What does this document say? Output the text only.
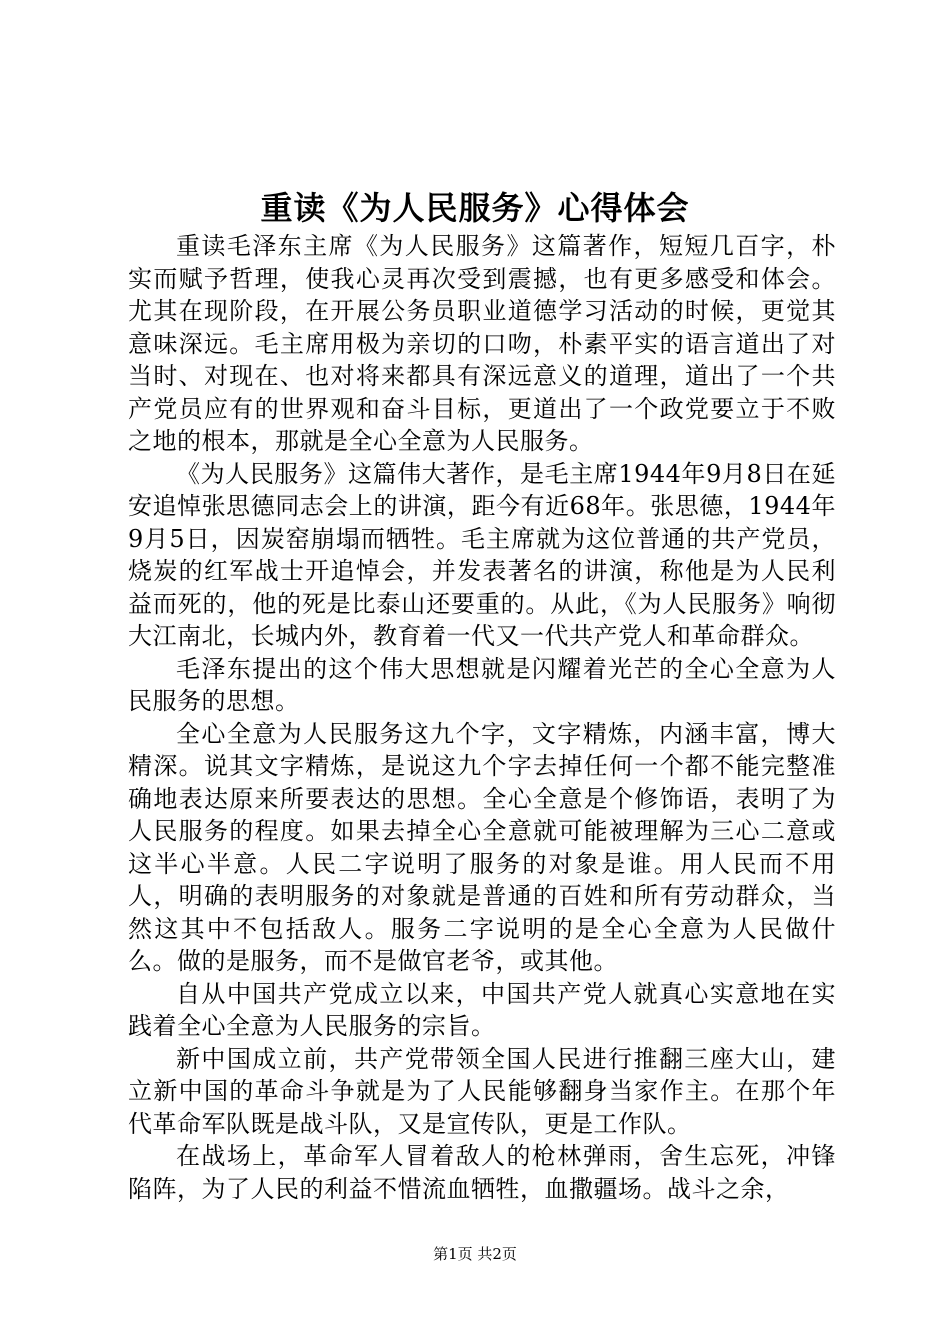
重读《为人民服务》心得体会

重读毛泽东主席《为人民服务》这篇著作，短短几百字，朴实而赋予哲理，使我心灵再次受到震撼，也有更多感受和体会。尤其在现阶段，在开展公务员职业道德学习活动的时候，更觉其意味深远。毛主席用极为亲切的口吻，朴素平实的语言道出了对当时、对现在、也对将来都具有深远意义的道理，道出了一个共产党员应有的世界观和奋斗目标，更道出了一个政党要立于不败之地的根本，那就是全心全意为人民服务。

《为人民服务》这篇伟大著作，是毛主席1944年9月8日在延安追悼张思德同志会上的讲演，距今有近68年。张思德，1944年9月5日，因炭窑崩塌而牺牲。毛主席就为这位普通的共产党员，烧炭的红军战士开追悼会，并发表著名的讲演，称他是为人民利益而死的，他的死是比泰山还要重的。从此，《为人民服务》响彻大江南北，长城内外，教育着一代又一代共产党人和革命群众。

毛泽东提出的这个伟大思想就是闪耀着光芒的全心全意为人民服务的思想。

全心全意为人民服务这九个字，文字精炼，内涵丰富，博大精深。说其文字精炼，是说这九个字去掉任何一个都不能完整准确地表达原来所要表达的思想。全心全意是个修饰语，表明了为人民服务的程度。如果去掉全心全意就可能被理解为三心二意或这半心半意。人民二字说明了服务的对象是谁。用人民而不用人，明确的表明服务的对象就是普通的百姓和所有劳动群众，当然这其中不包括敌人。服务二字说明的是全心全意为人民做什么。做的是服务，而不是做官老爷，或其他。

自从中国共产党成立以来，中国共产党人就真心实意地在实践着全心全意为人民服务的宗旨。

新中国成立前，共产党带领全国人民进行推翻三座大山，建立新中国的革命斗争就是为了人民能够翻身当家作主。在那个年代革命军队既是战斗队，又是宣传队，更是工作队。

在战场上，革命军人冒着敌人的枪林弹雨，舍生忘死，冲锋陷阵，为了人民的利益不惜流血牺牲，血撒疆场。战斗之余，

第1页 共2页
